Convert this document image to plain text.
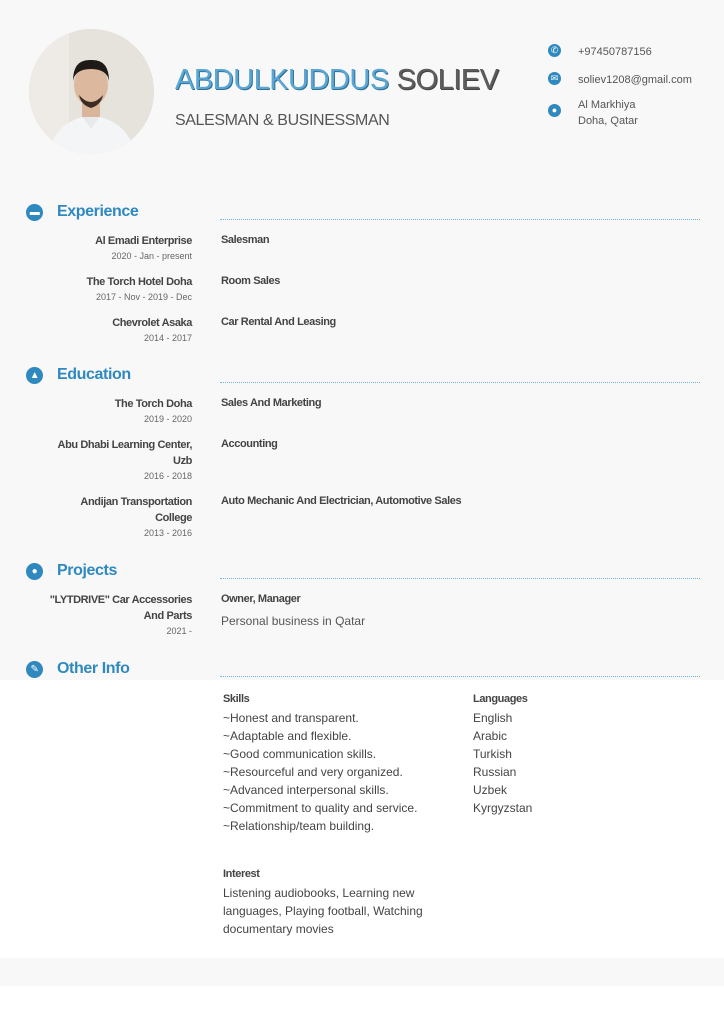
ABDULKUDDUS SOLIEV
SALESMAN & BUSINESSMAN
✆ +97450787156
✉ soliev1208@gmail.com
●	Al Markhiya
Doha, Qatar
▬ Experience
Al Emadi Enterprise
2020 - Jan - present
Salesman
The Torch Hotel Doha
2017 - Nov - 2019 - Dec
Room Sales
Chevrolet Asaka
2014 - 2017
Car Rental And Leasing
▲ Education
The Torch Doha
2019 - 2020
Sales And Marketing
Abu Dhabi Learning Center,
Uzb
2016 - 2018
Accounting
Andijan Transportation
College
2013 - 2016
Auto Mechanic And Electrician, Automotive Sales
●	Projects
"LYTDRIVE" Car Accessories
And Parts
2021 -
Owner, Manager
Personal business in Qatar
✎ Other Info
Skills
~Honest and transparent.
~Adaptable and flexible.
~Good communication skills.
~Resourceful and very organized.
~Advanced interpersonal skills.
~Commitment to quality and service.
~Relationship/team building.
Languages
English
Arabic
Turkish
Russian
Uzbek
Kyrgyzstan
Interest
Listening audiobooks, Learning new
languages, Playing football, Watching
documentary movies
